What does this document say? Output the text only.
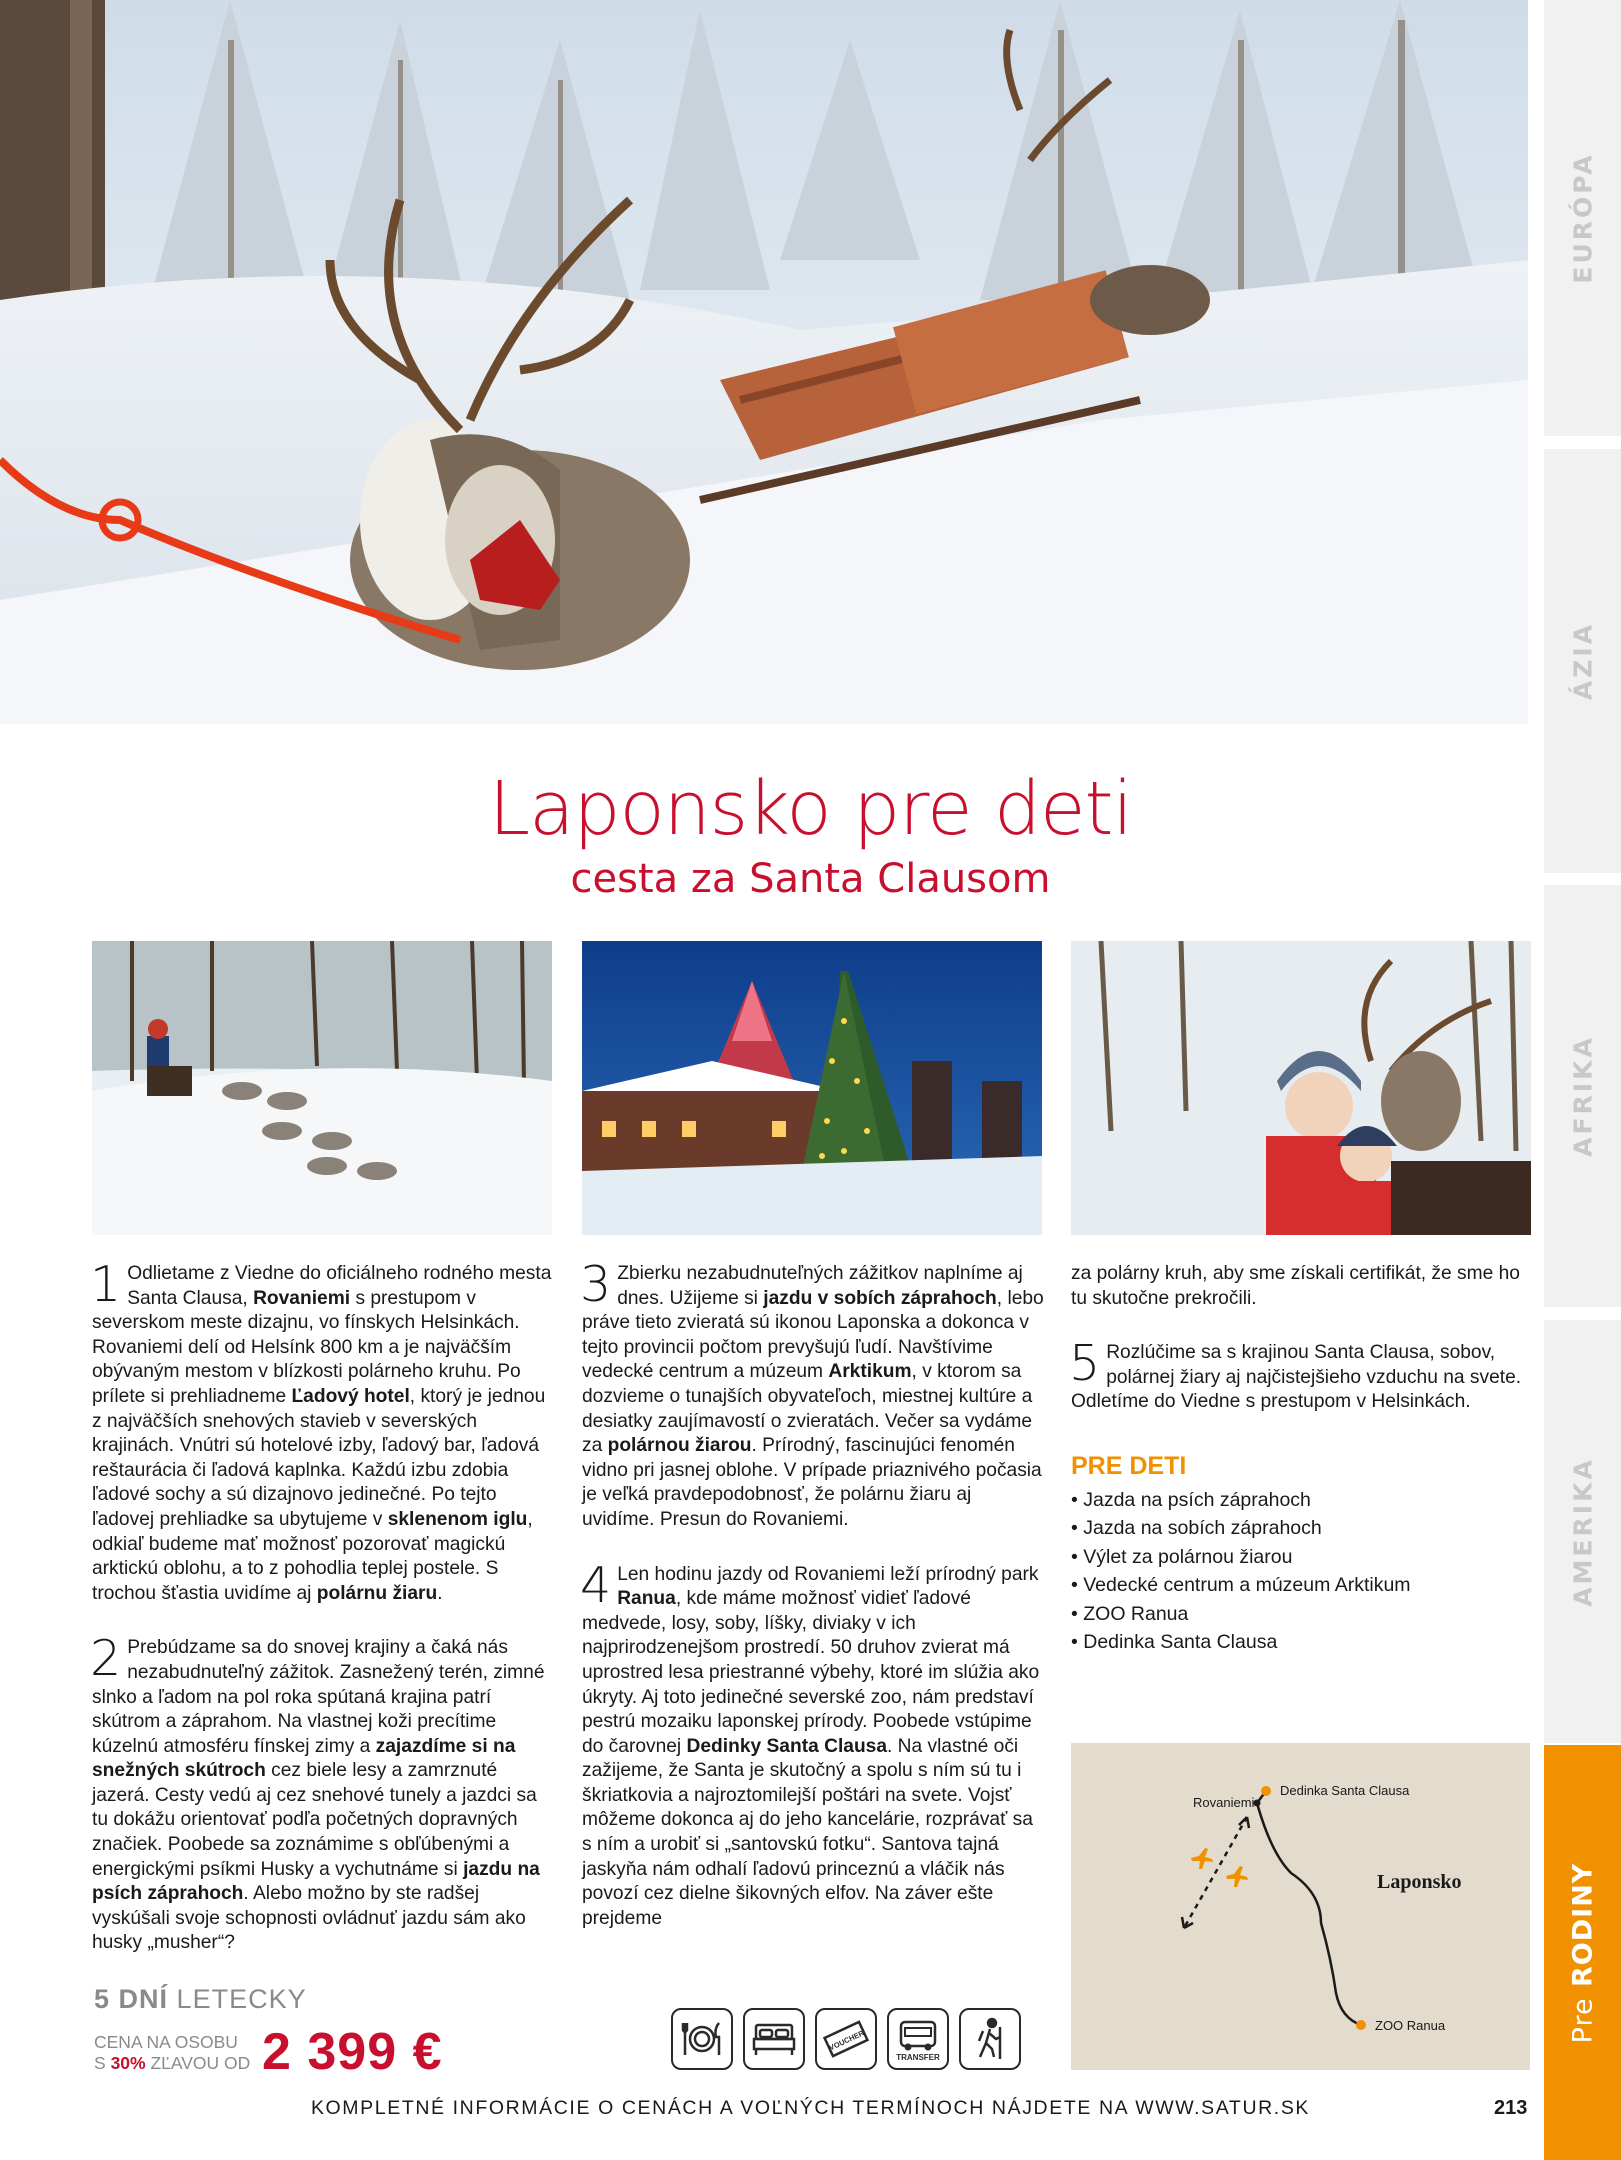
EURÓPA
ÁZIA
AFRIKA
AMERIKA
Pre RODINY
Laponsko pre deti
cesta za Santa Clausom

1 Odlietame z Viedne do oficiálneho rodného mesta Santa Clausa, Rovaniemi s prestupom v severskom meste dizajnu, vo fínskych Helsinkách. Rovaniemi delí od Helsínk 800 km a je najväčším obývaným mestom v blízkosti polárneho kruhu. Po prílete si prehliadneme Ľadový hotel, ktorý je jednou z najväčších snehových stavieb v severských krajinách. Vnútri sú hotelové izby, ľadový bar, ľadová reštaurácia či ľadová kaplnka. Každú izbu zdobia ľadové sochy a sú dizajnovo jedinečné. Po tejto ľadovej prehliadke sa ubytujeme v sklenenom iglu, odkiaľ budeme mať možnosť pozorovať magickú arktickú oblohu, a to z pohodlia teplej postele. S trochou šťastia uvidíme aj polárnu žiaru.

2 Prebúdzame sa do snovej krajiny a čaká nás nezabudnuteľný zážitok. Zasnežený terén, zimné slnko a ľadom na pol roka spútaná krajina patrí skútrom a záprahom. Na vlastnej koži precítime kúzelnú atmosféru fínskej zimy a zajazdíme si na snežných skútroch cez biele lesy a zamrznuté jazerá. Cesty vedú aj cez snehové tunely a jazdci sa tu dokážu orientovať podľa početných dopravných značiek. Poobede sa zoznámime s obľúbenými a energickými psíkmi Husky a vychutnáme si jazdu na psích záprahoch. Alebo možno by ste radšej vyskúšali svoje schopnosti ovládnuť jazdu sám ako husky „musher“?

3 Zbierku nezabudnuteľných zážitkov naplníme aj dnes. Užijeme si jazdu v sobích záprahoch, lebo práve tieto zvieratá sú ikonou Laponska a dokonca v tejto provincii počtom prevyšujú ľudí. Navštívime vedecké centrum a múzeum Arktikum, v ktorom sa dozvieme o tunajších obyvateľoch, miestnej kultúre a desiatky zaujímavostí o zvieratách. Večer sa vydáme za polárnou žiarou. Prírodný, fascinujúci fenomén vidno pri jasnej oblohe. V prípade priaznivého počasia je veľká pravdepodobnosť, že polárnu žiaru aj uvidíme. Presun do Rovaniemi.

4 Len hodinu jazdy od Rovaniemi leží prírodný park Ranua, kde máme možnosť vidieť ľadové medvede, losy, soby, líšky, diviaky v ich najprirodzenejšom prostredí. 50 druhov zvierat má uprostred lesa priestranné výbehy, ktoré im slúžia ako úkryty. Aj toto jedinečné severské zoo, nám predstaví pestrú mozaiku laponskej prírody. Poobede vstúpime do čarovnej Dedinky Santa Clausa. Na vlastné oči zažijeme, že Santa je skutočný a spolu s ním sú tu i škriatkovia a najroztomilejší poštári na svete. Vojsť môžeme dokonca aj do jeho kancelárie, rozprávať sa s ním a urobiť si „santovskú fotku“. Santova tajná jaskyňa nám odhalí ľadovú princeznú a vláčik nás povozí cez dielne šikovných elfov. Na záver ešte prejdeme

za polárny kruh, aby sme získali certifikát, že sme ho tu skutočne prekročili.

5 Rozlúčime sa s krajinou Santa Clausa, sobov, polárnej žiary aj najčistejšieho vzduchu na svete. Odletíme do Viedne s prestupom v Helsinkách.

PRE DETI
• Jazda na psích záprahoch
• Jazda na sobích záprahoch
• Výlet za polárnou žiarou
• Vedecké centrum a múzeum Arktikum
• ZOO Ranua
• Dedinka Santa Clausa
Rovaniemi
Dedinka Santa Clausa
Laponsko
ZOO Ranua
5 DNÍ LETECKY
CENA NA OSOBU
S 30% ZĽAVOU OD 2 399 €	VOUCHER
TRANSFER
KOMPLETNÉ INFORMÁCIE O CENÁCH A VOĽNÝCH TERMÍNOCH NÁJDETE NA WWW.SATUR.SK	213
